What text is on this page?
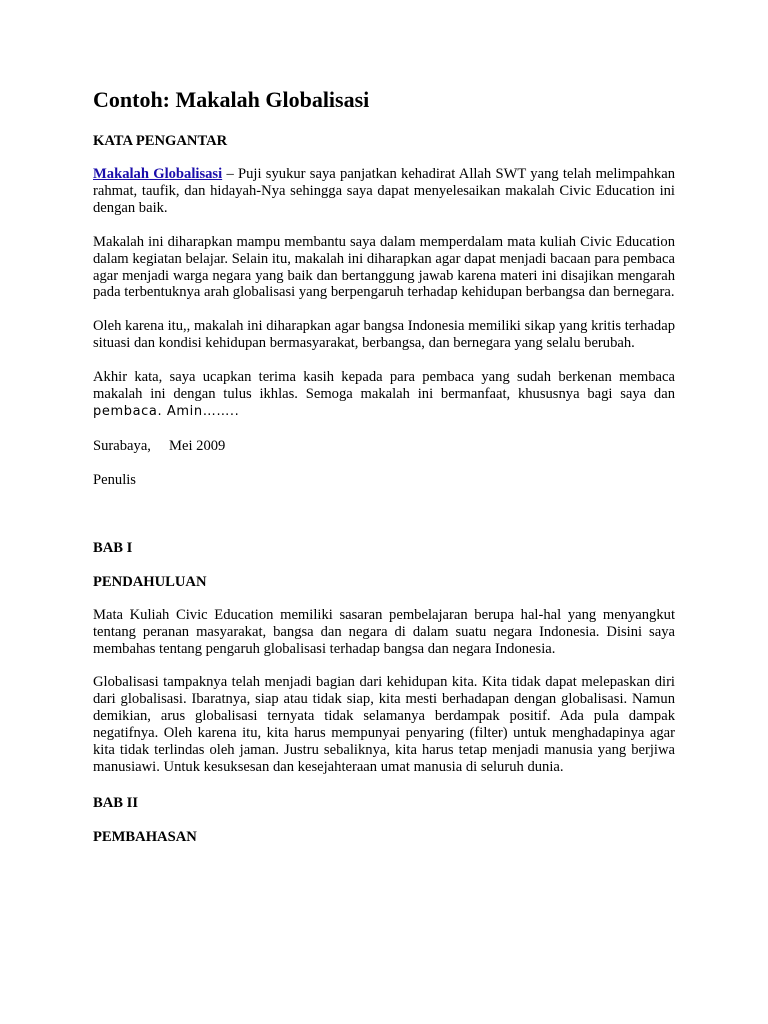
Contoh: Makalah Globalisasi
KATA PENGANTAR

Makalah Globalisasi – Puji syukur saya panjatkan kehadirat Allah SWT yang telah melimpahkan rahmat, taufik, dan hidayah-Nya sehingga saya dapat menyelesaikan makalah Civic Education ini dengan baik.

Makalah ini diharapkan mampu membantu saya dalam memperdalam mata kuliah Civic Education dalam kegiatan belajar. Selain itu, makalah ini diharapkan agar dapat menjadi bacaan para pembaca agar menjadi warga negara yang baik dan bertanggung jawab karena materi ini disajikan mengarah pada terbentuknya arah globalisasi yang berpengaruh terhadap kehidupan berbangsa dan bernegara.

Oleh karena itu,, makalah ini diharapkan agar bangsa Indonesia memiliki sikap yang kritis terhadap situasi dan kondisi kehidupan bermasyarakat, berbangsa, dan bernegara yang selalu berubah.

Akhir kata, saya ucapkan terima kasih kepada para pembaca yang sudah berkenan membaca makalah ini dengan tulus ikhlas. Semoga makalah ini bermanfaat, khususnya bagi saya dan pembaca. Amin……..

Surabaya, Mei 2009

Penulis

BAB I
PENDAHULUAN

Mata Kuliah Civic Education memiliki sasaran pembelajaran berupa hal-hal yang menyangkut tentang peranan masyarakat, bangsa dan negara di dalam suatu negara Indonesia. Disini saya membahas tentang pengaruh globalisasi terhadap bangsa dan negara Indonesia.

Globalisasi tampaknya telah menjadi bagian dari kehidupan kita. Kita tidak dapat melepaskan diri dari globalisasi. Ibaratnya, siap atau tidak siap, kita mesti berhadapan dengan globalisasi. Namun demikian, arus globalisasi ternyata tidak selamanya berdampak positif. Ada pula dampak negatifnya. Oleh karena itu, kita harus mempunyai penyaring (filter) untuk menghadapinya agar kita tidak terlindas oleh jaman. Justru sebaliknya, kita harus tetap menjadi manusia yang berjiwa manusiawi. Untuk kesuksesan dan kesejahteraan umat manusia di seluruh dunia.

BAB II
PEMBAHASAN
